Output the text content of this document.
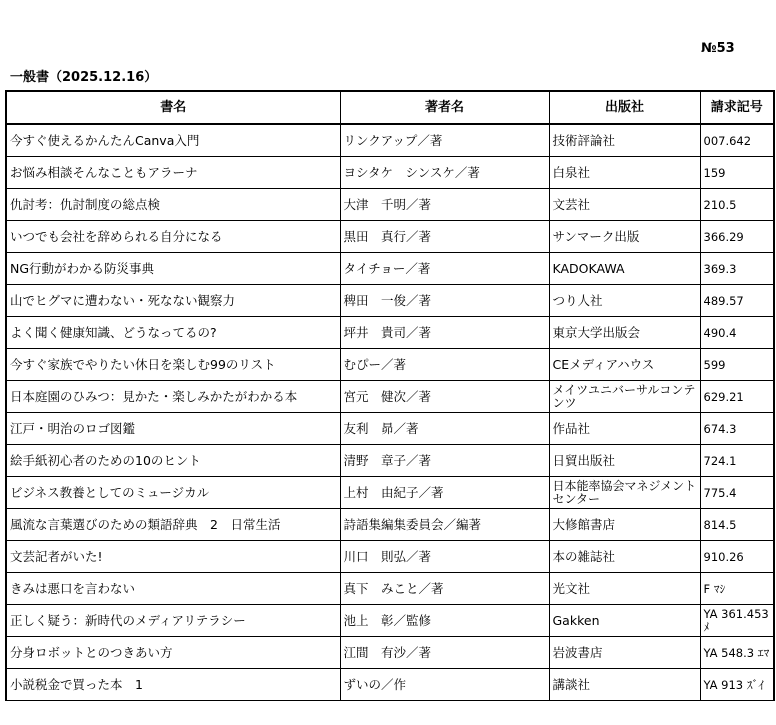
№53
一般書（2025.12.16）
書名	著者名	出版社	請求記号
今すぐ使えるかんたんCanva入門	リンクアップ／著	技術評論社	007.642
お悩み相談そんなこともアラーナ	ヨシタケ　シンスケ／著	白泉社	159
仇討考：仇討制度の総点検	大津　千明／著	文芸社	210.5
いつでも会社を辞められる自分になる	黒田　真行／著	サンマーク出版	366.29
NG行動がわかる防災事典	タイチョー／著	KADOKAWA	369.3
山でヒグマに遭わない・死なない観察力	稗田　一俊／著	つり人社	489.57
よく聞く健康知識、どうなってるの?	坪井　貴司／著	東京大学出版会	490.4
今すぐ家族でやりたい休日を楽しむ99のリスト	むぴー／著	CEメディアハウス	599
日本庭園のひみつ：見かた・楽しみかたがわかる本	宮元　健次／著	メイツユニバーサルコンテンツ	629.21
江戸・明治のロゴ図鑑	友利　昴／著	作品社	674.3
絵手紙初心者のための10のヒント	清野　章子／著	日貿出版社	724.1
ビジネス教養としてのミュージカル	上村　由紀子／著	日本能率協会マネジメントセンター	775.4
風流な言葉選びのための類語辞典　2　日常生活	詩語集編集委員会／編著	大修館書店	814.5
文芸記者がいた!	川口　則弘／著	本の雑誌社	910.26
きみは悪口を言わない	真下　みこと／著	光文社	F ﾏｼ
正しく疑う：新時代のメディアリテラシー	池上　彰／監修	Gakken	YA 361.453 ﾒ
分身ロボットとのつきあい方	江間　有沙／著	岩波書店	YA 548.3 ｴﾏ
小説税金で買った本　1	ずいの／作	講談社	YA 913 ｽﾞｲ
